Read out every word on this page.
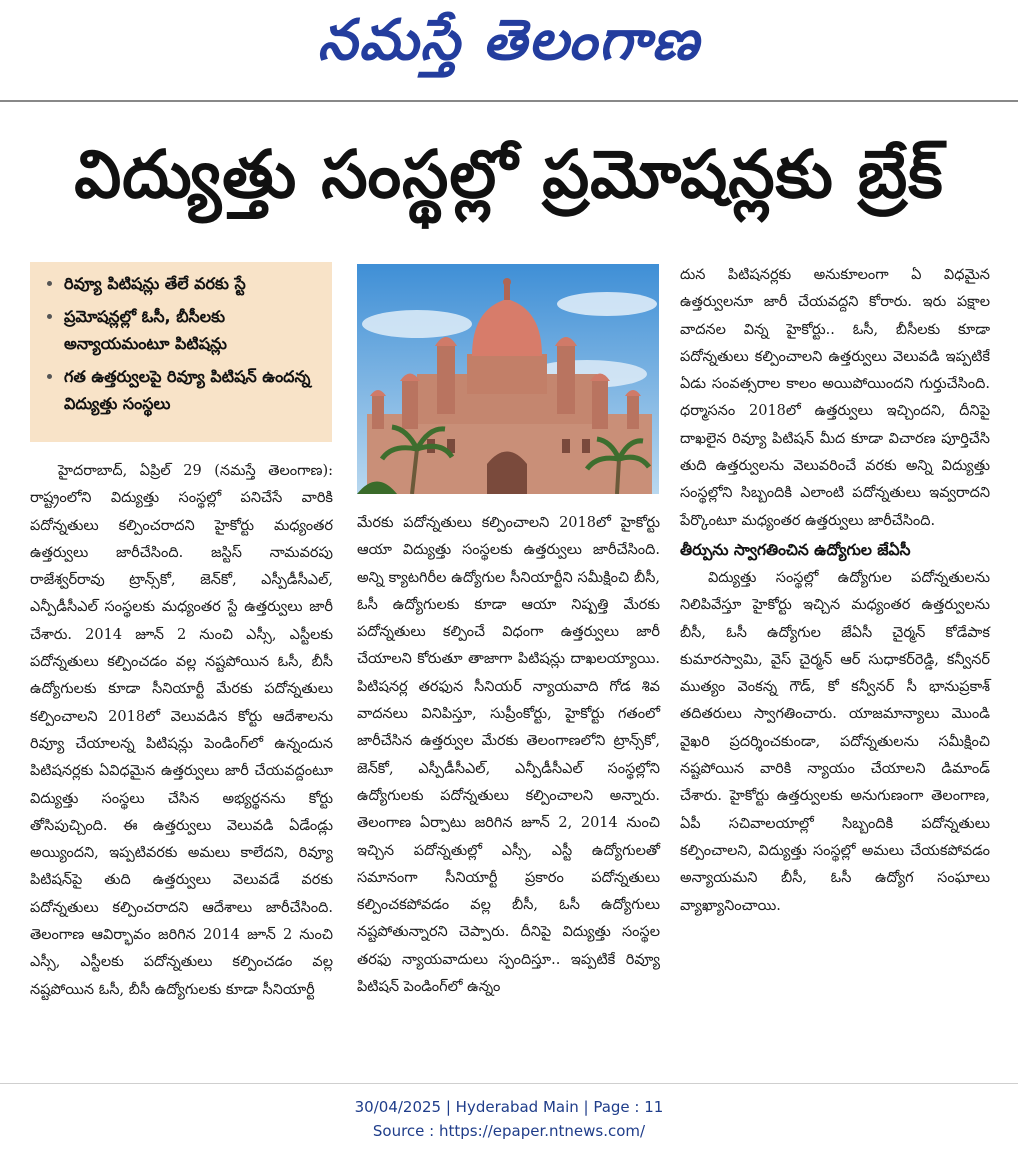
నమస్తే తెలంగాణ
విద్యుత్తు సంస్థల్లో ప్రమోషన్లకు బ్రేక్
• రివ్యూ పిటిషన్లు తేలే వరకు స్టే
• ప్రమోషన్లల్లో ఓసీ, బీసీలకు అన్యాయమంటూ పిటిషన్లు
• గత ఉత్తర్వులపై రివ్యూ పిటిషన్ ఉందన్న విద్యుత్తు సంస్థలు

హైదరాబాద్, ఏప్రిల్ 29 (నమస్తే తెలంగాణ): రాష్ట్రంలోని విద్యుత్తు సంస్థల్లో పనిచేసే వారికి పదోన్నతులు కల్పించరాదని హైకోర్టు మధ్యంతర ఉత్తర్వులు జారీచేసింది. జస్టిస్ నామవరపు రాజేశ్వర్‌రావు ట్రాన్స్‌కో, జెన్‌కో, ఎస్పీడీసీఎల్, ఎన్పీడీసీఎల్ సంస్థలకు మధ్యంతర స్టే ఉత్తర్వులు జారీ చేశారు. 2014 జూన్ 2 నుంచి ఎస్సీ, ఎస్టీలకు పదోన్నతులు కల్పించడం వల్ల నష్టపోయిన ఓసీ, బీసీ ఉద్యోగులకు కూడా సీనియార్టీ మేరకు పదోన్నతులు కల్పించాలని 2018లో వెలువడిన కోర్టు ఆదేశాలను రివ్యూ చేయాలన్న పిటిషన్లు పెండింగ్‌లో ఉన్నందున పిటిషనర్లకు ఏవిధమైన ఉత్తర్వులు జారీ చేయవద్దంటూ విద్యుత్తు సంస్థలు చేసిన అభ్యర్థనను కోర్టు తోసిపుచ్చింది. ఈ ఉత్తర్వులు వెలువడి ఏడేండ్లు అయ్యిందని, ఇప్పటివరకు అమలు కాలేదని, రివ్యూ పిటిషన్‌పై తుది ఉత్తర్వులు వెలువడే వరకు పదోన్నతులు కల్పించరాదని ఆదేశాలు జారీచేసింది. తెలంగాణ ఆవిర్భావం జరిగిన 2014 జూన్ 2 నుంచి ఎస్సీ, ఎస్టీలకు పదోన్నతులు కల్పించడం వల్ల నష్టపోయిన ఓసీ, బీసీ ఉద్యోగులకు కూడా సీనియార్టీ

మేరకు పదోన్నతులు కల్పించాలని 2018లో హైకోర్టు ఆయా విద్యుత్తు సంస్థలకు ఉత్తర్వులు జారీచేసింది. అన్ని క్యాటగిరీల ఉద్యోగుల సీనియార్టీని సమీక్షించి బీసీ, ఓసీ ఉద్యోగులకు కూడా ఆయా నిష్పత్తి మేరకు పదోన్నతులు కల్పించే విధంగా ఉత్తర్వులు జారీ చేయాలని కోరుతూ తాజాగా పిటిషన్లు దాఖలయ్యాయి. పిటిషనర్ల తరఫున సీనియర్ న్యాయవాది గోడ శివ వాదనలు వినిపిస్తూ, సుప్రీంకోర్టు, హైకోర్టు గతంలో జారీచేసిన ఉత్తర్వుల మేరకు తెలంగాణలోని ట్రాన్స్‌కో, జెన్‌కో, ఎస్పీడీసీఎల్, ఎన్పీడీసీఎల్ సంస్థల్లోని ఉద్యోగులకు పదోన్నతులు కల్పించాలని అన్నారు. తెలంగాణ ఏర్పాటు జరిగిన జూన్ 2, 2014 నుంచి ఇచ్చిన పదోన్నతుల్లో ఎస్సీ, ఎస్టీ ఉద్యోగులతో సమానంగా సీనియార్టీ ప్రకారం పదోన్నతులు కల్పించకపోవడం వల్ల బీసీ, ఓసీ ఉద్యోగులు నష్టపోతున్నారని చెప్పారు. దీనిపై విద్యుత్తు సంస్థల తరఫు న్యాయవాదులు స్పందిస్తూ.. ఇప్పటికే రివ్యూ పిటిషన్ పెండింగ్‌లో ఉన్నం

దున పిటిషనర్లకు అనుకూలంగా ఏ విధమైన ఉత్తర్వులనూ జారీ చేయవద్దని కోరారు. ఇరు పక్షాల వాదనల విన్న హైకోర్టు.. ఓసీ, బీసీలకు కూడా పదోన్నతులు కల్పించాలని ఉత్తర్వులు వెలువడి ఇప్పటికే ఏడు సంవత్సరాల కాలం అయిపోయిందని గుర్తుచేసింది. ధర్మాసనం 2018లో ఉత్తర్వులు ఇచ్చిందని, దీనిపై దాఖలైన రివ్యూ పిటిషన్ మీద కూడా విచారణ పూర్తిచేసి తుది ఉత్తర్వులను వెలువరించే వరకు అన్ని విద్యుత్తు సంస్థల్లోని సిబ్బందికి ఎలాంటి పదోన్నతులు ఇవ్వరాదని పేర్కొంటూ మధ్యంతర ఉత్తర్వులు జారీచేసింది.

తీర్పును స్వాగతించిన ఉద్యోగుల జేఏసీ

విద్యుత్తు సంస్థల్లో ఉద్యోగుల పదోన్నతులను నిలిపివేస్తూ హైకోర్టు ఇచ్చిన మధ్యంతర ఉత్తర్వులను బీసీ, ఓసీ ఉద్యోగుల జేఏసీ చైర్మన్ కోడేపాక కుమారస్వామి, వైస్ చైర్మన్ ఆర్ సుధాకర్‌రెడ్డి, కన్వీనర్ ముత్యం వెంకన్న గౌడ్, కో కన్వీనర్ సీ భానుప్రకాశ్ తదితరులు స్వాగతించారు. యాజమాన్యాలు మొండి వైఖరి ప్రదర్శించకుండా, పదోన్నతులను సమీక్షించి నష్టపోయిన వారికి న్యాయం చేయాలని డిమాండ్ చేశారు. హైకోర్టు ఉత్తర్వులకు అనుగుణంగా తెలంగాణ, ఏపీ సచివాలయాల్లో సిబ్బందికి పదోన్నతులు కల్పించాలని, విద్యుత్తు సంస్థల్లో అమలు చేయకపోవడం అన్యాయమని బీసీ, ఓసీ ఉద్యోగ సంఘాలు వ్యాఖ్యానించాయి.

30/04/2025 | Hyderabad Main | Page : 11
Source : https://epaper.ntnews.com/
